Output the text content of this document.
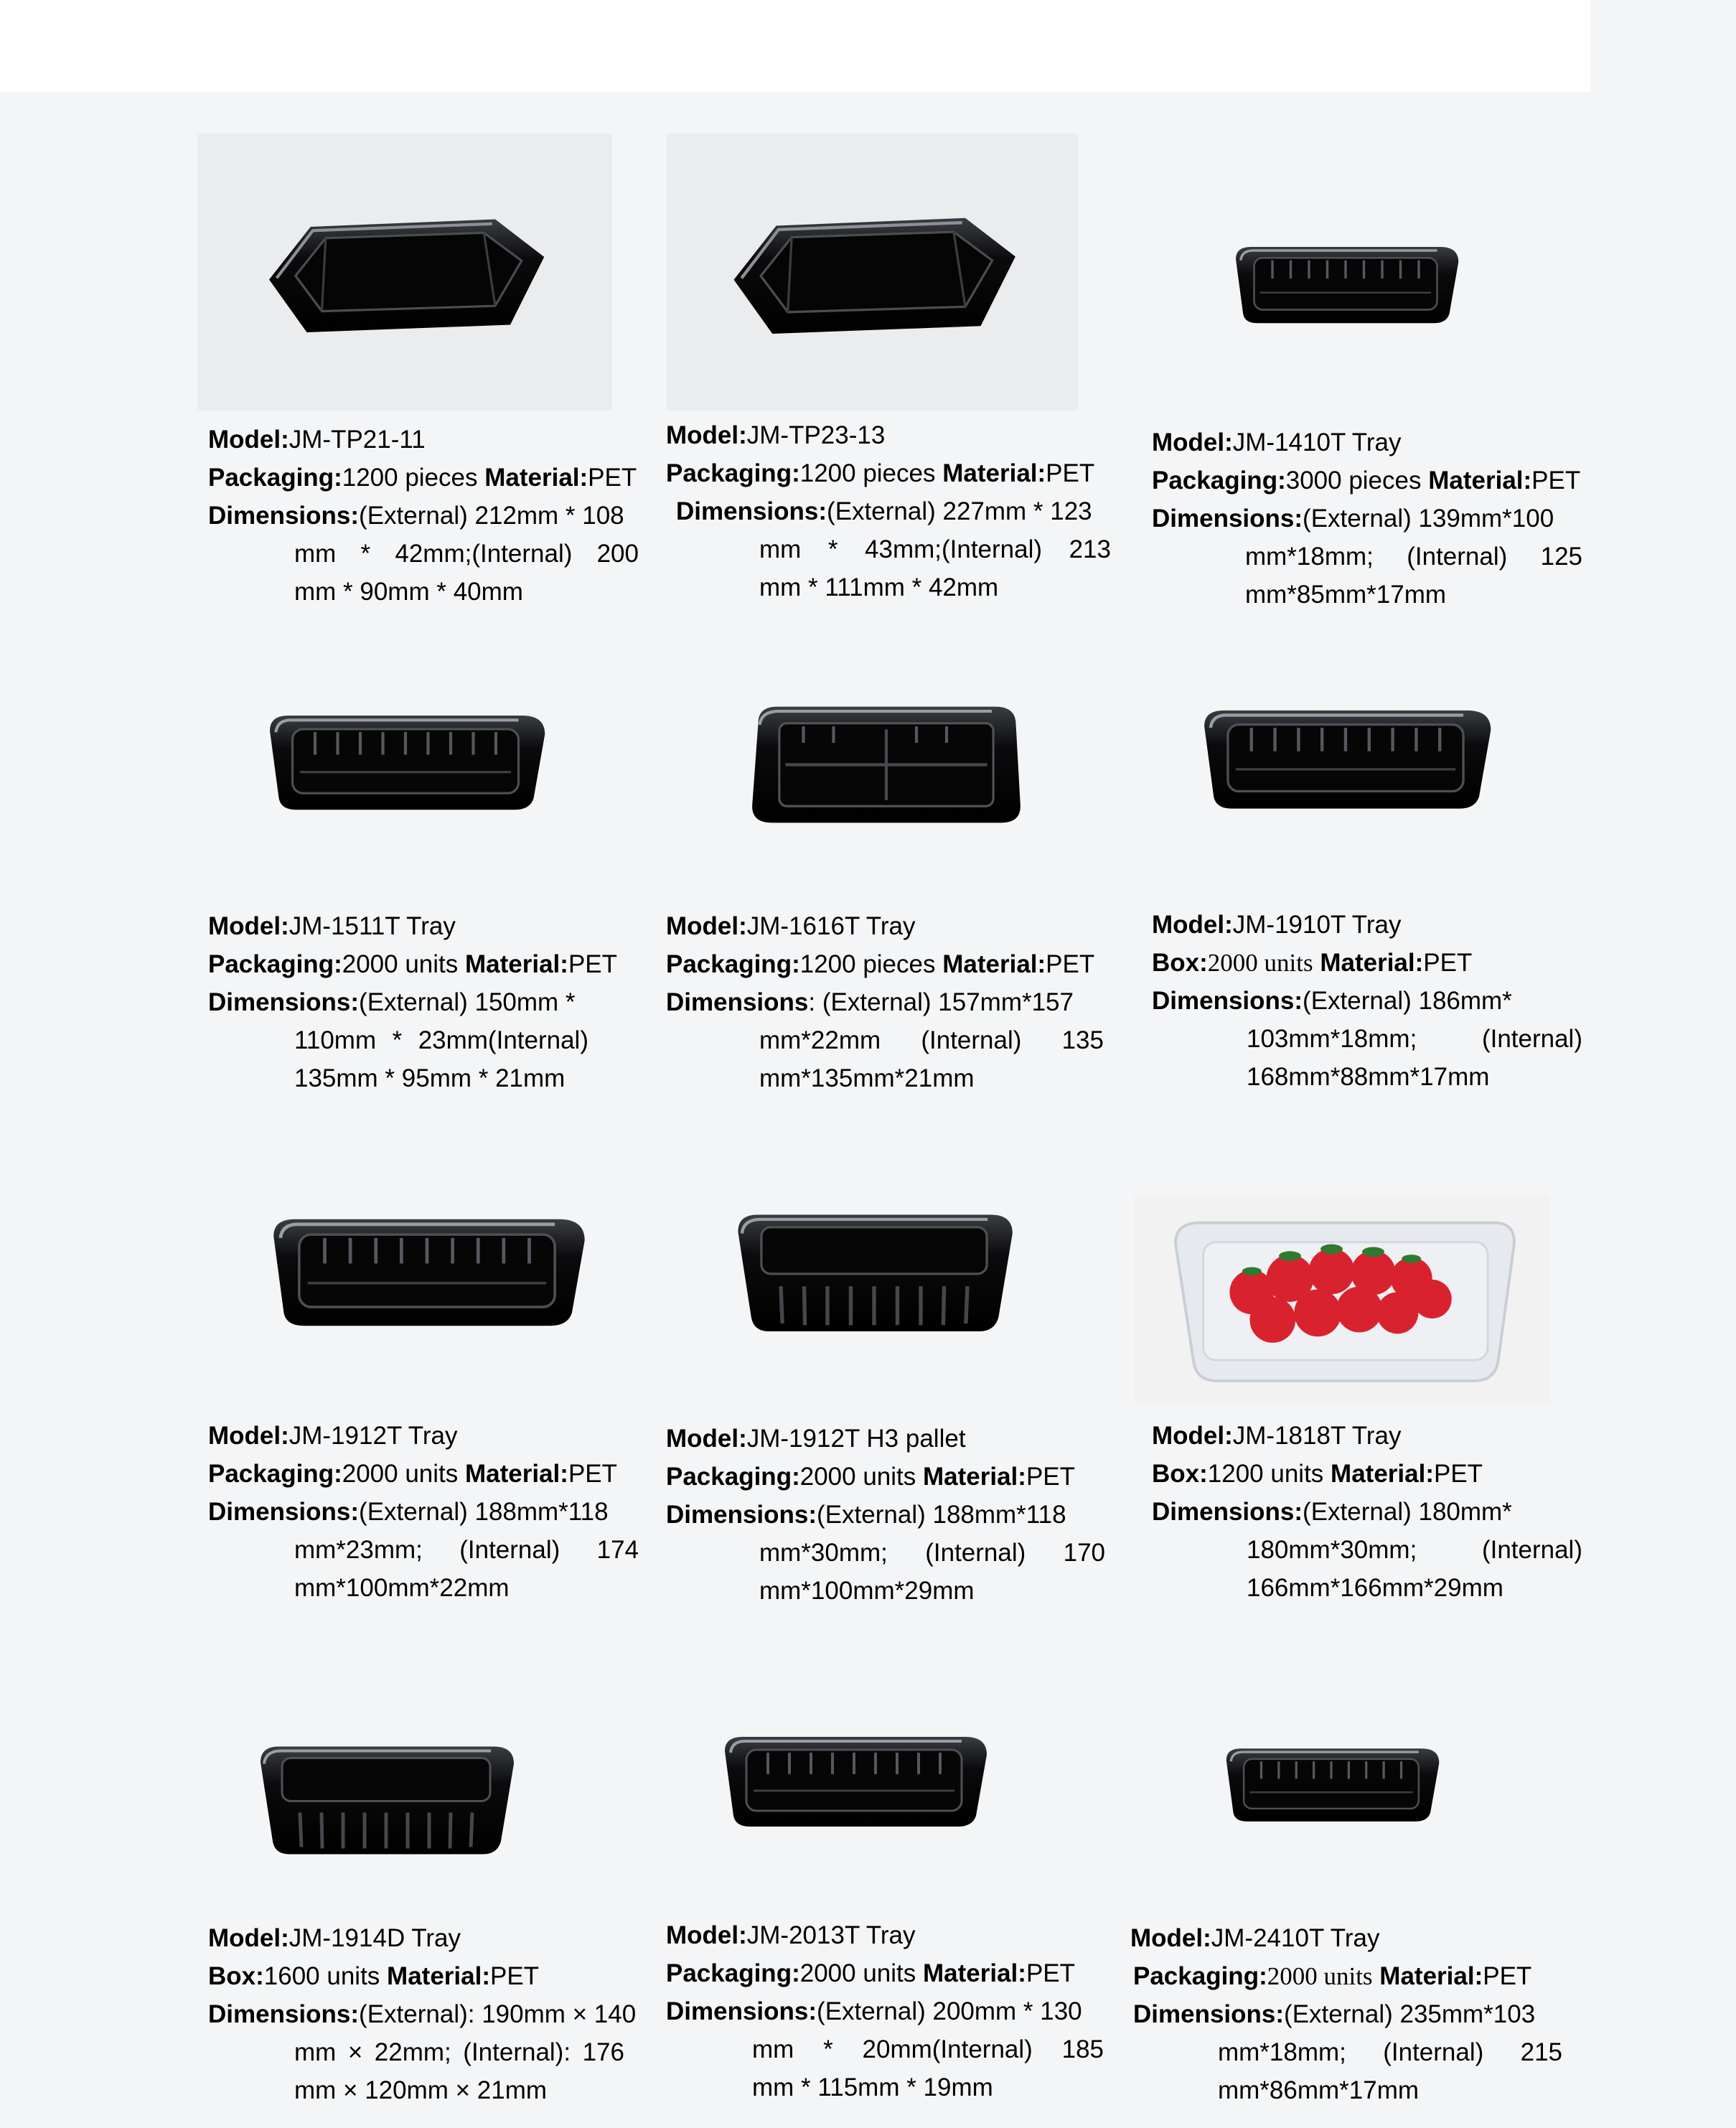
Model:JM-TP21-11
Packaging:1200 pieces Material:PET
Dimensions:(External) 212mm * 108
mm * 42mm;(Internal) 200
mm * 90mm * 40mm
Model:JM-TP23-13
Packaging:1200 pieces Material:PET
Dimensions:(External) 227mm * 123
mm * 43mm;(Internal) 213
mm * 111mm * 42mm
Model:JM-1410T Tray
Packaging:3000 pieces Material:PET
Dimensions:(External) 139mm*100
mm*18mm; (Internal) 125
mm*85mm*17mm
Model:JM-1511T Tray
Packaging:2000 units Material:PET
Dimensions:(External) 150mm *
110mm * 23mm(Internal)
135mm * 95mm * 21mm
Model:JM-1616T Tray
Packaging:1200 pieces Material:PET
Dimensions: (External) 157mm*157
mm*22mm (Internal) 135
mm*135mm*21mm
Model:JM-1910T Tray
Box:2000 units Material:PET
Dimensions:(External) 186mm*
103mm*18mm; (Internal)
168mm*88mm*17mm
Model:JM-1912T Tray
Packaging:2000 units Material:PET
Dimensions:(External) 188mm*118
mm*23mm; (Internal) 174
mm*100mm*22mm
Model:JM-1912T H3 pallet
Packaging:2000 units Material:PET
Dimensions:(External) 188mm*118
mm*30mm; (Internal) 170
mm*100mm*29mm
Model:JM-1818T Tray
Box:1200 units Material:PET
Dimensions:(External) 180mm*
180mm*30mm; (Internal)
166mm*166mm*29mm
Model:JM-1914D Tray
Box:1600 units Material:PET
Dimensions:(External): 190mm × 140
mm × 22mm; (Internal): 176
mm × 120mm × 21mm
Model:JM-2013T Tray
Packaging:2000 units Material:PET
Dimensions:(External) 200mm * 130
mm * 20mm(Internal) 185
mm * 115mm * 19mm
Model:JM-2410T Tray
Packaging:2000 units Material:PET
Dimensions:(External) 235mm*103
mm*18mm; (Internal) 215
mm*86mm*17mm
